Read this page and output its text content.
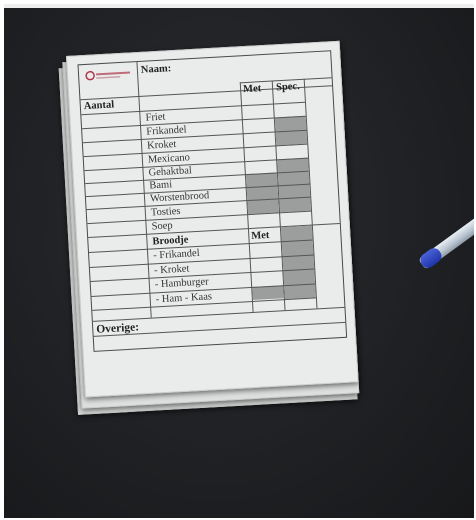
Naam:
Aantal
Met Spec.
Friet
Frikandel
Kroket
Mexicano
Gehaktbal
Bami
Worstenbrood
Tosties
Soep
Broodje	Met
- Frikandel
- Kroket
- Hamburger
- Ham - Kaas
Overige:
